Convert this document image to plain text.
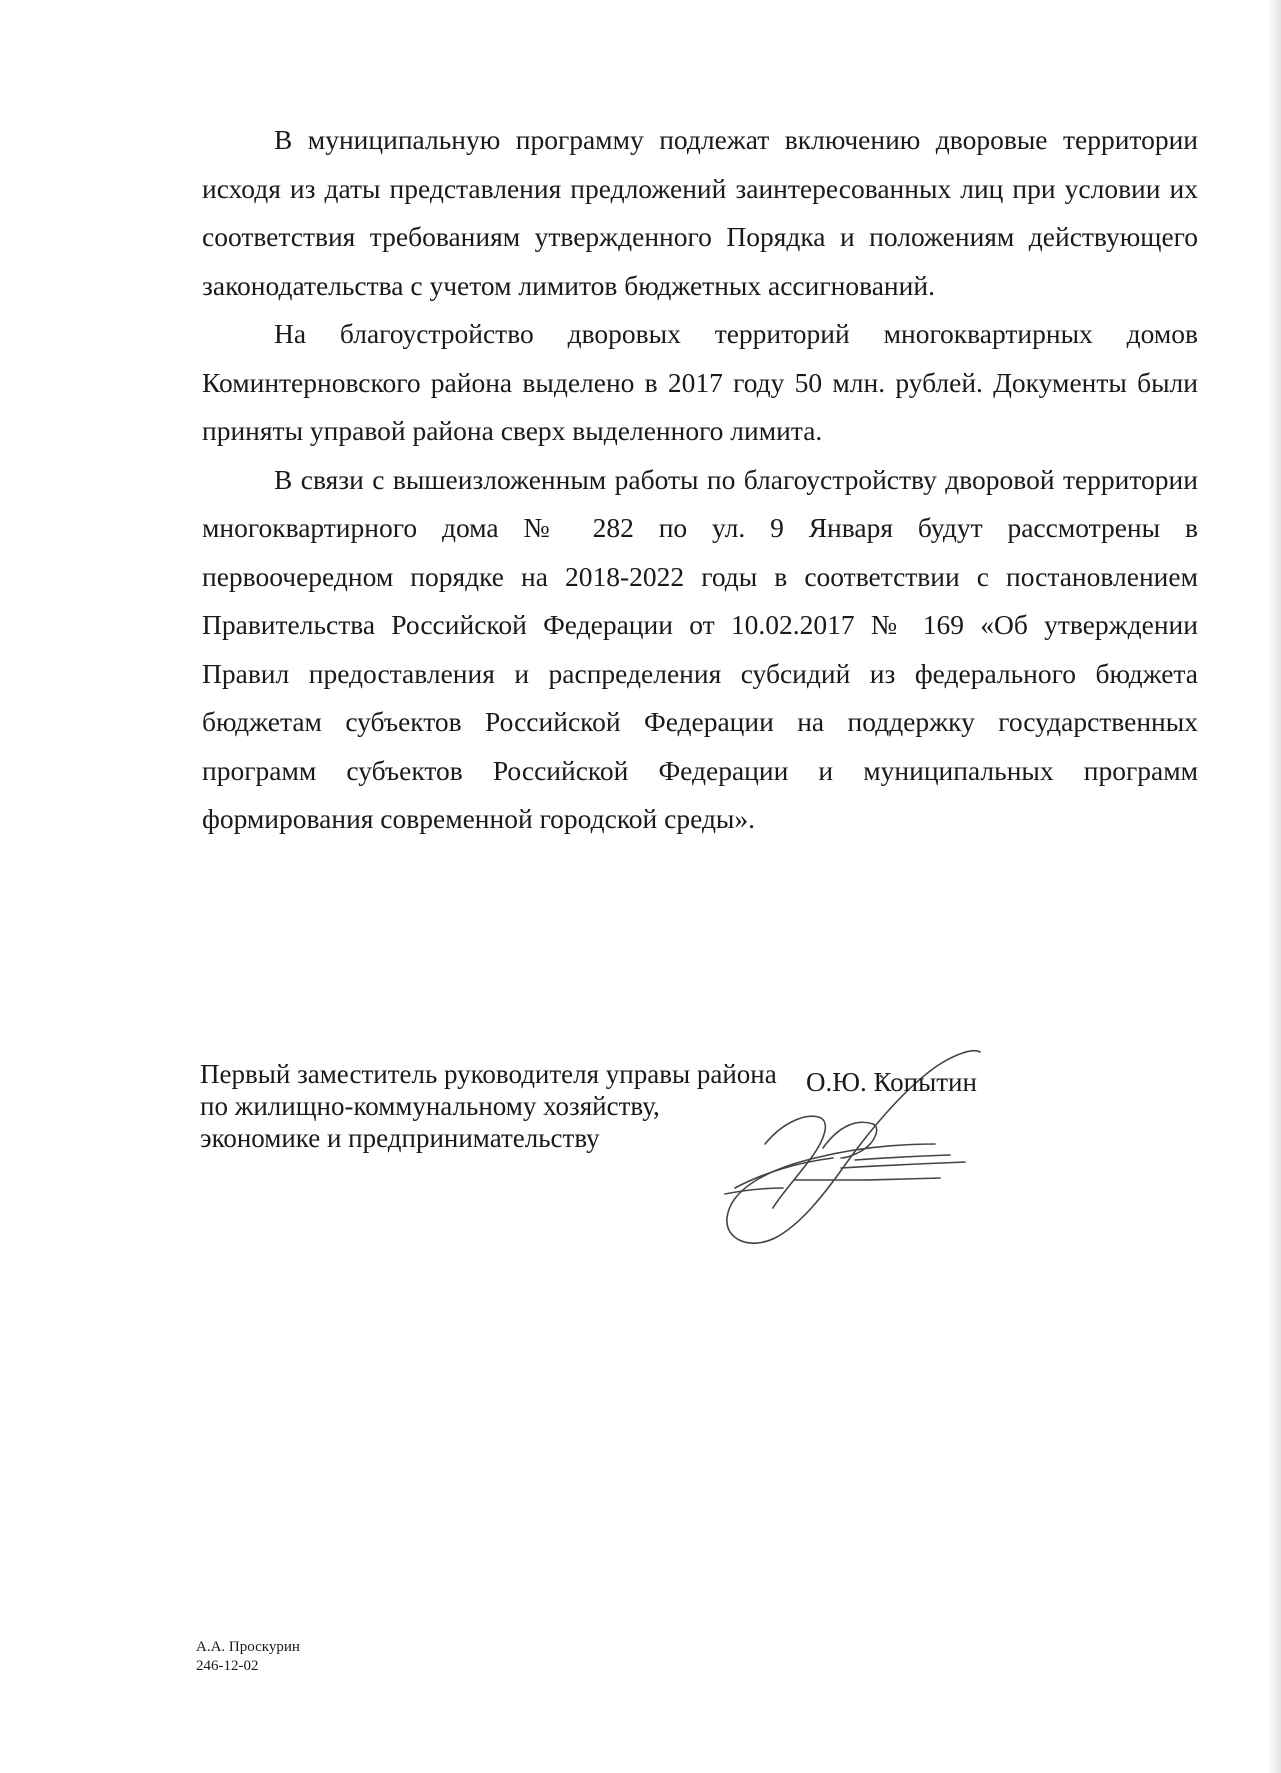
В муниципальную программу подлежат включению дворовые территории исходя из даты представления предложений заинтересованных лиц при условии их соответствия требованиям утвержденного Порядка и положениям действующего законодательства с учетом лимитов бюджетных ассигнований.

На благоустройство дворовых территорий многоквартирных домов Коминтерновского района выделено в 2017 году 50 млн. рублей. Документы были приняты управой района сверх выделенного лимита.

В связи с вышеизложенным работы по благоустройству дворовой территории многоквартирного дома № 282 по ул. 9 Января будут рассмотрены в первоочередном порядке на 2018-2022 годы в соответствии с постановлением Правительства Российской Федерации от 10.02.2017 № 169 «Об утверждении Правил предоставления и распределения субсидий из федерального бюджета бюджетам субъектов Российской Федерации на поддержку государственных программ субъектов Российской Федерации и муниципальных программ формирования современной городской среды».

Первый заместитель руководителя управы района
по жилищно-коммунальному хозяйству,
экономике и предпринимательству
О.Ю. Копытин
А.А. Проскурин
246-12-02
